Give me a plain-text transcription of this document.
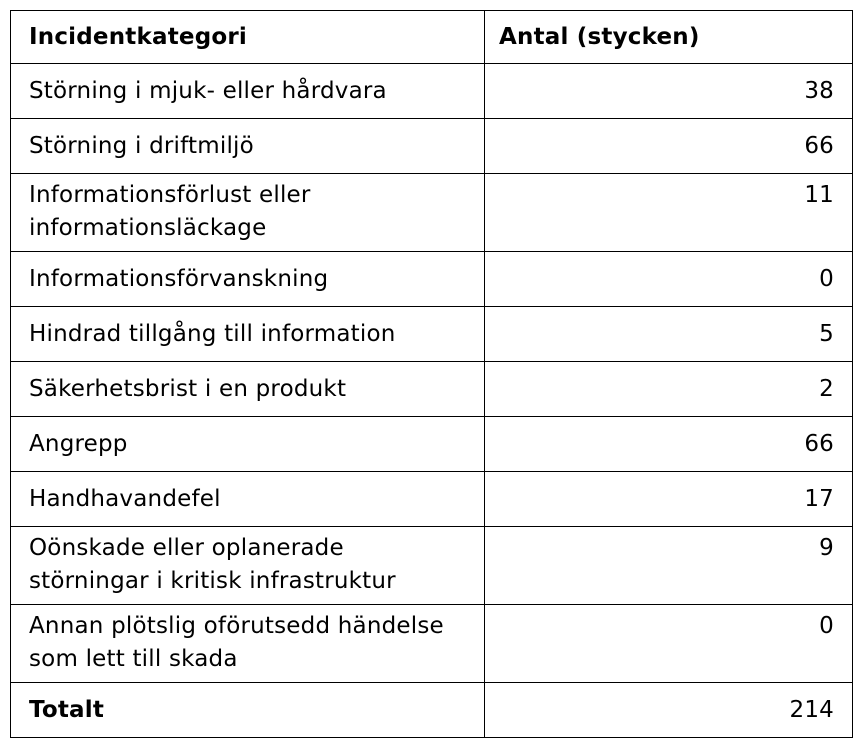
Incidentkategori	Antal (stycken)

Störning i mjuk- eller hårdvara	38

Störning i driftmiljö	66

Informationsförlust eller informationsläckage	11

Informationsförvanskning	0

Hindrad tillgång till information	5

Säkerhetsbrist i en produkt	2

Angrepp	66

Handhavandefel	17

Oönskade eller oplanerade störningar i kritisk infrastruktur	9

Annan plötslig oförutsedd händelse som lett till skada	0

Totalt	214
